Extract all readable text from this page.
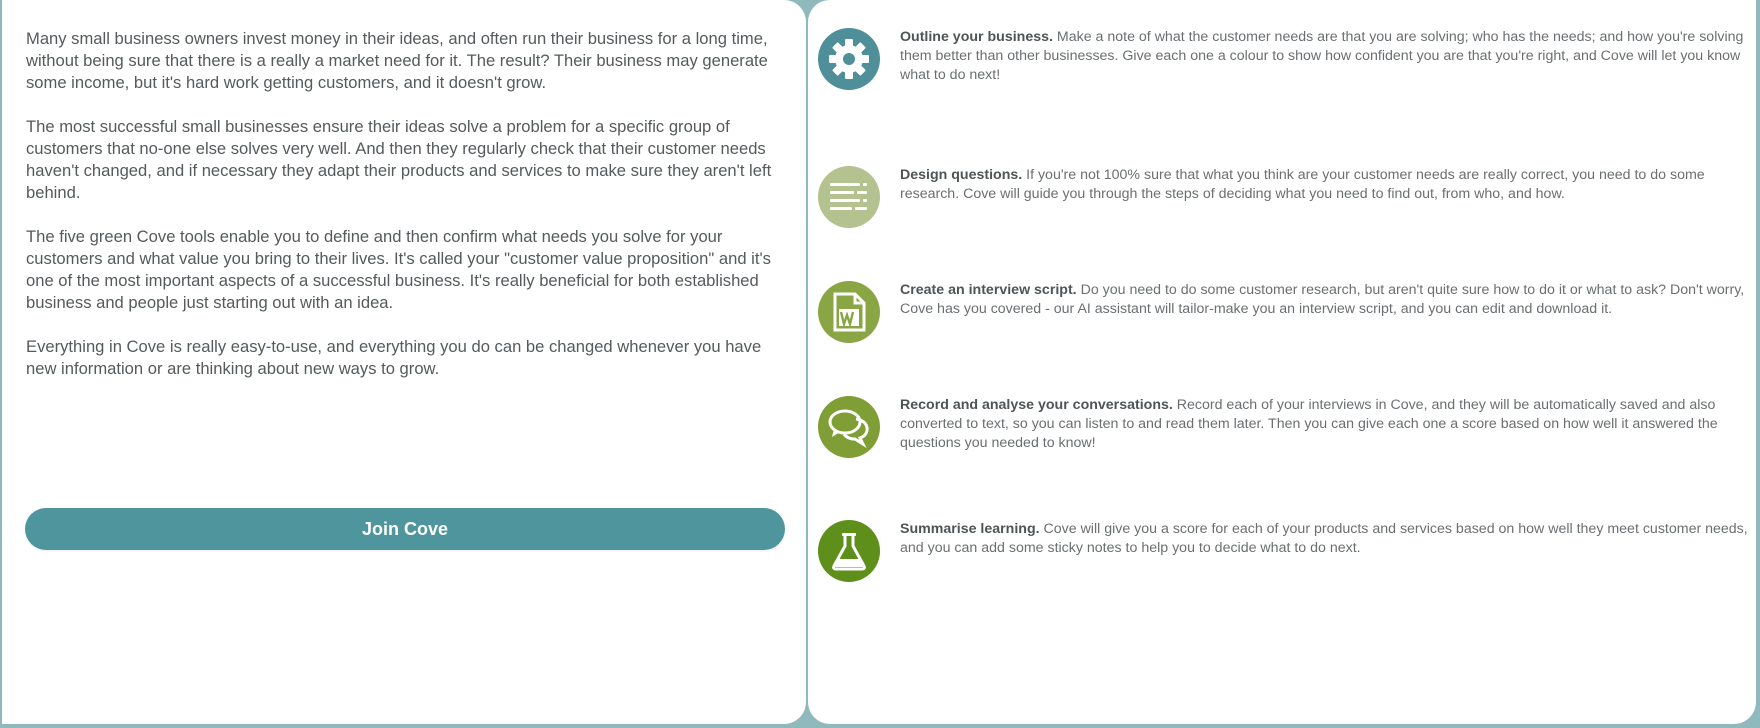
Many small business owners invest money in their ideas, and often run their business for a long time, without being sure that there is a really a market need for it. The result? Their business may generate some income, but it's hard work getting customers, and it doesn't grow.

The most successful small businesses ensure their ideas solve a problem for a specific group of customers that no-one else solves very well. And then they regularly check that their customer needs haven't changed, and if necessary they adapt their products and services to make sure they aren't left behind.

The five green Cove tools enable you to define and then confirm what needs you solve for your customers and what value you bring to their lives. It's called your "customer value proposition" and it's one of the most important aspects of a successful business. It's really beneficial for both established business and people just starting out with an idea.

Everything in Cove is really easy-to-use, and everything you do can be changed whenever you have new information or are thinking about new ways to grow.

Join Cove
Outline your business. Make a note of what the customer needs are that you are solving; who has the needs; and how you're solving them better than other businesses. Give each one a colour to show how confident you are that you're right, and Cove will let you know what to do next!
Design questions. If you're not 100% sure that what you think are your customer needs are really correct, you need to do some research. Cove will guide you through the steps of deciding what you need to find out, from who, and how.
Create an interview script. Do you need to do some customer research, but aren't quite sure how to do it or what to ask? Don't worry, Cove has you covered - our AI assistant will tailor-make you an interview script, and you can edit and download it.
Record and analyse your conversations. Record each of your interviews in Cove, and they will be automatically saved and also converted to text, so you can listen to and read them later. Then you can give each one a score based on how well it answered the questions you needed to know!
Summarise learning. Cove will give you a score for each of your products and services based on how well they meet customer needs, and you can add some sticky notes to help you to decide what to do next.
